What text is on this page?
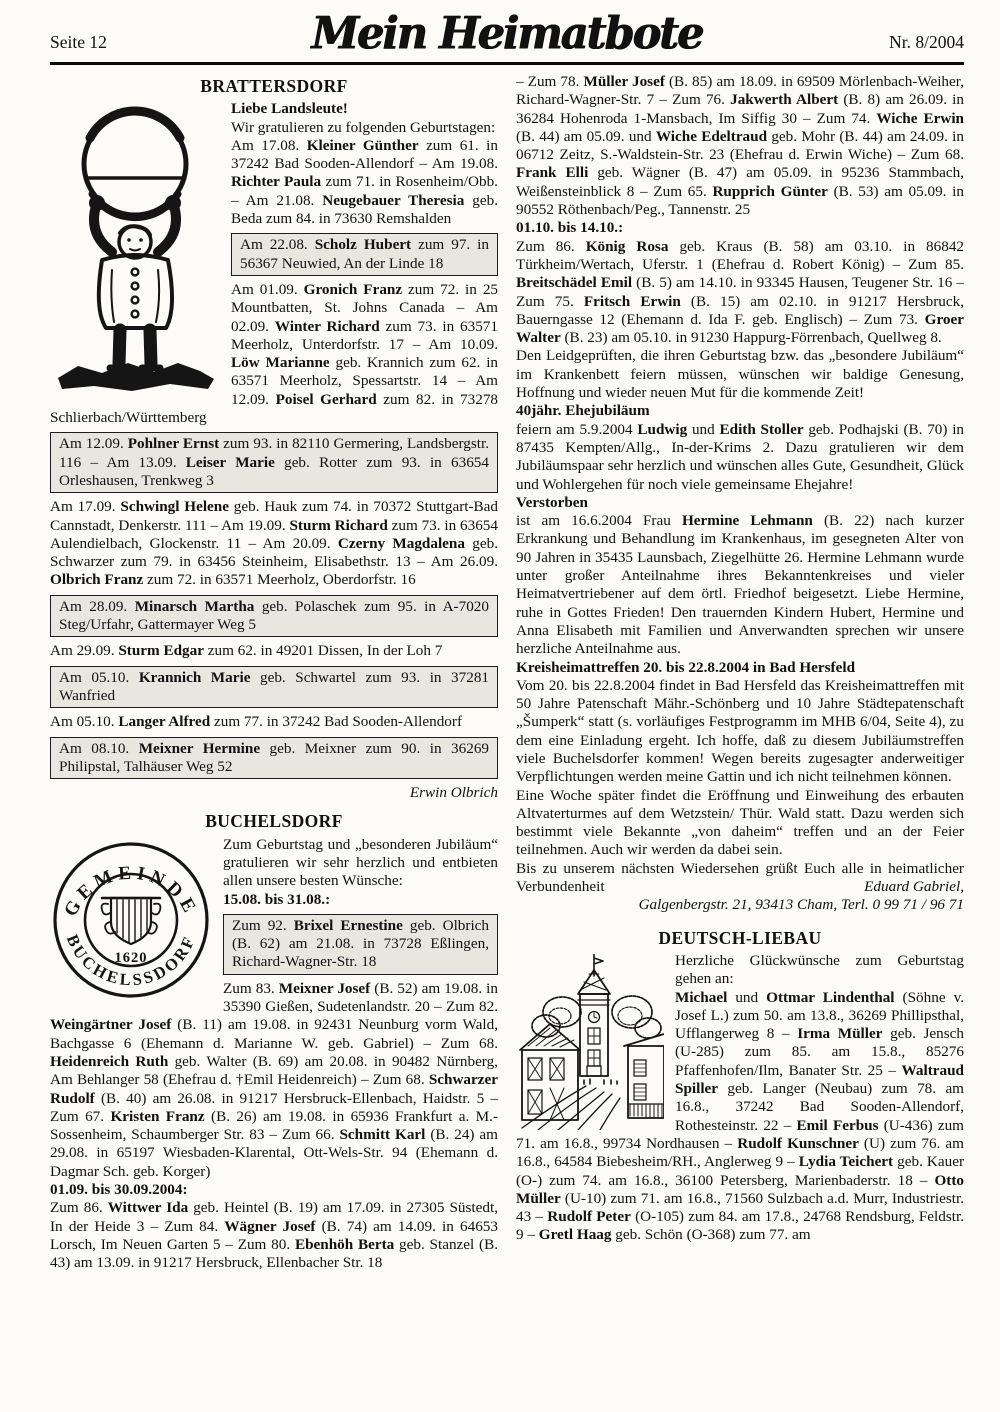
Seite 12	Mein Heimatbote	Nr. 8/2004
BRATTERSDORF

Liebe Landsleute!

Wir gratulieren zu folgenden Geburtstagen:

Am 17.08. Kleiner Günther zum 61. in 37242 Bad Sooden-Allendorf – Am 19.08. Richter Paula zum 71. in Rosenheim/Obb. – Am 21.08. Neugebauer Theresia geb. Beda zum 84. in 73630 Remshalden

Am 22.08. Scholz Hubert zum 97. in 56367 Neuwied, An der Linde 18

Am 01.09. Gronich Franz zum 72. in 25 Mountbatten, St. Johns Canada – Am 02.09. Winter Richard zum 73. in 63571 Meerholz, Unterdorfstr. 17 – Am 10.09. Löw Marianne geb. Krannich zum 62. in 63571 Meerholz, Spessartstr. 14 – Am 12.09. Poisel Gerhard zum 82. in 73278 Schlierbach/Württemberg

Am 12.09. Pohlner Ernst zum 93. in 82110 Germering, Landsbergstr. 116 – Am 13.09. Leiser Marie geb. Rotter zum 93. in 63654 Orleshausen, Trenkweg 3

Am 17.09. Schwingl Helene geb. Hauk zum 74. in 70372 Stuttgart-Bad Cannstadt, Denkerstr. 111 – Am 19.09. Sturm Richard zum 73. in 63654 Aulendielbach, Glockenstr. 11 – Am 20.09. Czerny Magdalena geb. Schwarzer zum 79. in 63456 Steinheim, Elisabethstr. 13 – Am 26.09. Olbrich Franz zum 72. in 63571 Meerholz, Oberdorfstr. 16

Am 28.09. Minarsch Martha geb. Polaschek zum 95. in A-7020 Steg/Urfahr, Gattermayer Weg 5

Am 29.09. Sturm Edgar zum 62. in 49201 Dissen, In der Loh 7

Am 05.10. Krannich Marie geb. Schwartel zum 93. in 37281 Wanfried

Am 05.10. Langer Alfred zum 77. in 37242 Bad Sooden-Allendorf

Am 08.10. Meixner Hermine geb. Meixner zum 90. in 36269 Philipstal, Talhäuser Weg 52

Erwin Olbrich

BUCHELSDORF
GEMEINDE
BUCHELSSDORF
1620

Zum Geburtstag und „besonderen Jubiläum“ gratulieren wir sehr herzlich und entbieten allen unsere besten Wünsche:

15.08. bis 31.08.:

Zum 92. Brixel Ernestine geb. Olbrich (B. 62) am 21.08. in 73728 Eßlingen, Richard-Wagner-Str. 18

Zum 83. Meixner Josef (B. 52) am 19.08. in 35390 Gießen, Sudetenlandstr. 20 – Zum 82. Weingärtner Josef (B. 11) am 19.08. in 92431 Neunburg vorm Wald, Bachgasse 6 (Ehemann d. Marianne W. geb. Gabriel) – Zum 68. Heidenreich Ruth geb. Walter (B. 69) am 20.08. in 90482 Nürnberg, Am Behlanger 58 (Ehefrau d. †Emil Heidenreich) – Zum 68. Schwarzer Rudolf (B. 40) am 26.08. in 91217 Hersbruck-Ellenbach, Haidstr. 5 – Zum 67. Kristen Franz (B. 26) am 19.08. in 65936 Frankfurt a. M.-Sossenheim, Schaumberger Str. 83 – Zum 66. Schmitt Karl (B. 24) am 29.08. in 65197 Wiesbaden-Klarental, Ott-Wels-Str. 94 (Ehemann d. Dagmar Sch. geb. Korger)

01.09. bis 30.09.2004:

Zum 86. Wittwer Ida geb. Heintel (B. 19) am 17.09. in 27305 Süstedt, In der Heide 3 – Zum 84. Wägner Josef (B. 74) am 14.09. in 64653 Lorsch, Im Neuen Garten 5 – Zum 80. Ebenhöh Berta geb. Stanzel (B. 43) am 13.09. in 91217 Hersbruck, Ellenbacher Str. 18

– Zum 78. Müller Josef (B. 85) am 18.09. in 69509 Mörlenbach-Weiher, Richard-Wagner-Str. 7 – Zum 76. Jakwerth Albert (B. 8) am 26.09. in 36284 Hohenroda 1-Mansbach, Im Siffig 30 – Zum 74. Wiche Erwin (B. 44) am 05.09. und Wiche Edeltraud geb. Mohr (B. 44) am 24.09. in 06712 Zeitz, S.-Waldstein-Str. 23 (Ehefrau d. Erwin Wiche) – Zum 68. Frank Elli geb. Wägner (B. 47) am 05.09. in 95236 Stammbach, Weißensteinblick 8 – Zum 65. Rupprich Günter (B. 53) am 05.09. in 90552 Röthenbach/Peg., Tannenstr. 25

01.10. bis 14.10.:

Zum 86. König Rosa geb. Kraus (B. 58) am 03.10. in 86842 Türkheim/Wertach, Uferstr. 1 (Ehefrau d. Robert König) – Zum 85. Breitschädel Emil (B. 5) am 14.10. in 93345 Hausen, Teugener Str. 16 – Zum 75. Fritsch Erwin (B. 15) am 02.10. in 91217 Hersbruck, Bauerngasse 12 (Ehemann d. Ida F. geb. Englisch) – Zum 73. Groer Walter (B. 23) am 05.10. in 91230 Happurg-Förrenbach, Quellweg 8.

Den Leidgeprüften, die ihren Geburtstag bzw. das „besondere Jubiläum“ im Krankenbett feiern müssen, wünschen wir baldige Genesung, Hoffnung und wieder neuen Mut für die kommende Zeit!

40jähr. Ehejubiläum

feiern am 5.9.2004 Ludwig und Edith Stoller geb. Podhajski (B. 70) in 87435 Kempten/Allg., In-der-Krims 2. Dazu gratulieren wir dem Jubiläumspaar sehr herzlich und wünschen alles Gute, Gesundheit, Glück und Wohlergehen für noch viele gemeinsame Ehejahre!

Verstorben

ist am 16.6.2004 Frau Hermine Lehmann (B. 22) nach kurzer Erkrankung und Behandlung im Krankenhaus, im gesegneten Alter von 90 Jahren in 35435 Launsbach, Ziegelhütte 26. Hermine Lehmann wurde unter großer Anteilnahme ihres Bekanntenkreises und vieler Heimatvertriebener auf dem örtl. Friedhof beigesetzt. Liebe Hermine, ruhe in Gottes Frieden! Den trauernden Kindern Hubert, Hermine und Anna Elisabeth mit Familien und Anverwandten sprechen wir unsere herzliche Anteilnahme aus.

Kreisheimattreffen 20. bis 22.8.2004 in Bad Hersfeld

Vom 20. bis 22.8.2004 findet in Bad Hersfeld das Kreisheimattreffen mit 50 Jahre Patenschaft Mähr.-Schönberg und 10 Jahre Städtepatenschaft „Šumperk“ statt (s. vorläufiges Festprogramm im MHB 6/04, Seite 4), zu dem eine Einladung ergeht. Ich hoffe, daß zu diesem Jubiläumstreffen viele Buchelsdorfer kommen! Wegen bereits zugesagter anderweitiger Verpflichtungen werden meine Gattin und ich nicht teilnehmen können.

Eine Woche später findet die Eröffnung und Einweihung des erbauten Altvaterturmes auf dem Wetzstein/ Thür. Wald statt. Dazu werden sich bestimmt viele Bekannte „von daheim“ treffen und an der Feier teilnehmen. Auch wir werden da dabei sein.

Bis zu unserem nächsten Wiedersehen grüßt Euch alle in heimatlicher Verbundenheit	Eduard Gabriel,

Galgenbergstr. 21, 93413 Cham, Terl. 0 99 71 / 96 71

DEUTSCH-LIEBAU

Herzliche Glückwünsche zum Geburtstag gehen an:

Michael und Ottmar Lindenthal (Söhne v. Josef L.) zum 50. am 13.8., 36269 Phillipsthal, Ufflangerweg 8 – Irma Müller geb. Jensch (U-285) zum 85. am 15.8., 85276 Pfaffenhofen/Ilm, Banater Str. 25 – Waltraud Spiller geb. Langer (Neubau) zum 78. am 16.8., 37242 Bad Sooden-Allendorf, Rothesteinstr. 22 – Emil Ferbus (U-436) zum 71. am 16.8., 99734 Nordhausen – Rudolf Kunschner (U) zum 76. am 16.8., 64584 Biebesheim/RH., Anglerweg 9 – Lydia Teichert geb. Kauer (O-) zum 74. am 16.8., 36100 Petersberg, Marienbaderstr. 18 – Otto Müller (U-10) zum 71. am 16.8., 71560 Sulzbach a.d. Murr, Industriestr. 43 – Rudolf Peter (O-105) zum 84. am 17.8., 24768 Rendsburg, Feldstr. 9 – Gretl Haag geb. Schön (O-368) zum 77. am
